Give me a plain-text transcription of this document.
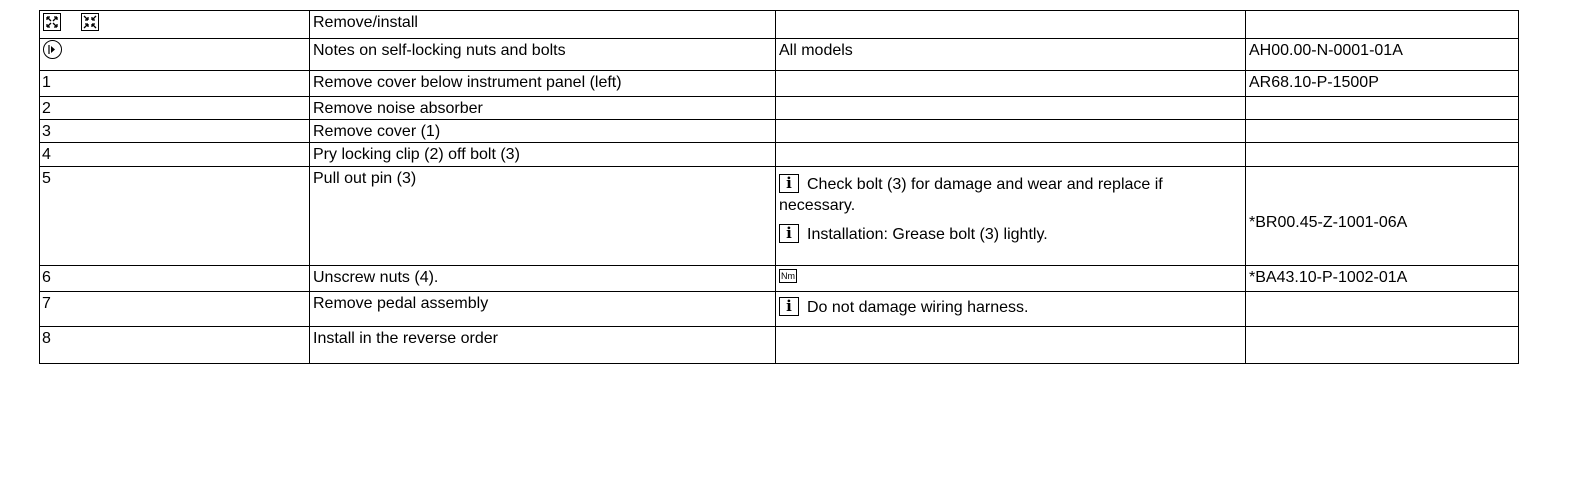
	Remove/install		

	Notes on self-locking nuts and bolts	All models	AH00.00-N-0001-01A
1	Remove cover below instrument panel (left)		AR68.10-P-1500P
2	Remove noise absorber		
3	Remove cover (1)		
4	Pry locking clip (2) off bolt (3)		
5	Pull out pin (3)	i Check bolt (3) for damage and wear and replace if necessary.
i Installation: Grease bolt (3) lightly.	*BR00.45-Z-1001-06A

6	Unscrew nuts (4).	Nm	*BA43.10-P-1002-01A
7	Remove pedal assembly	i Do not damage wiring harness.	
8	Install in the reverse order		
